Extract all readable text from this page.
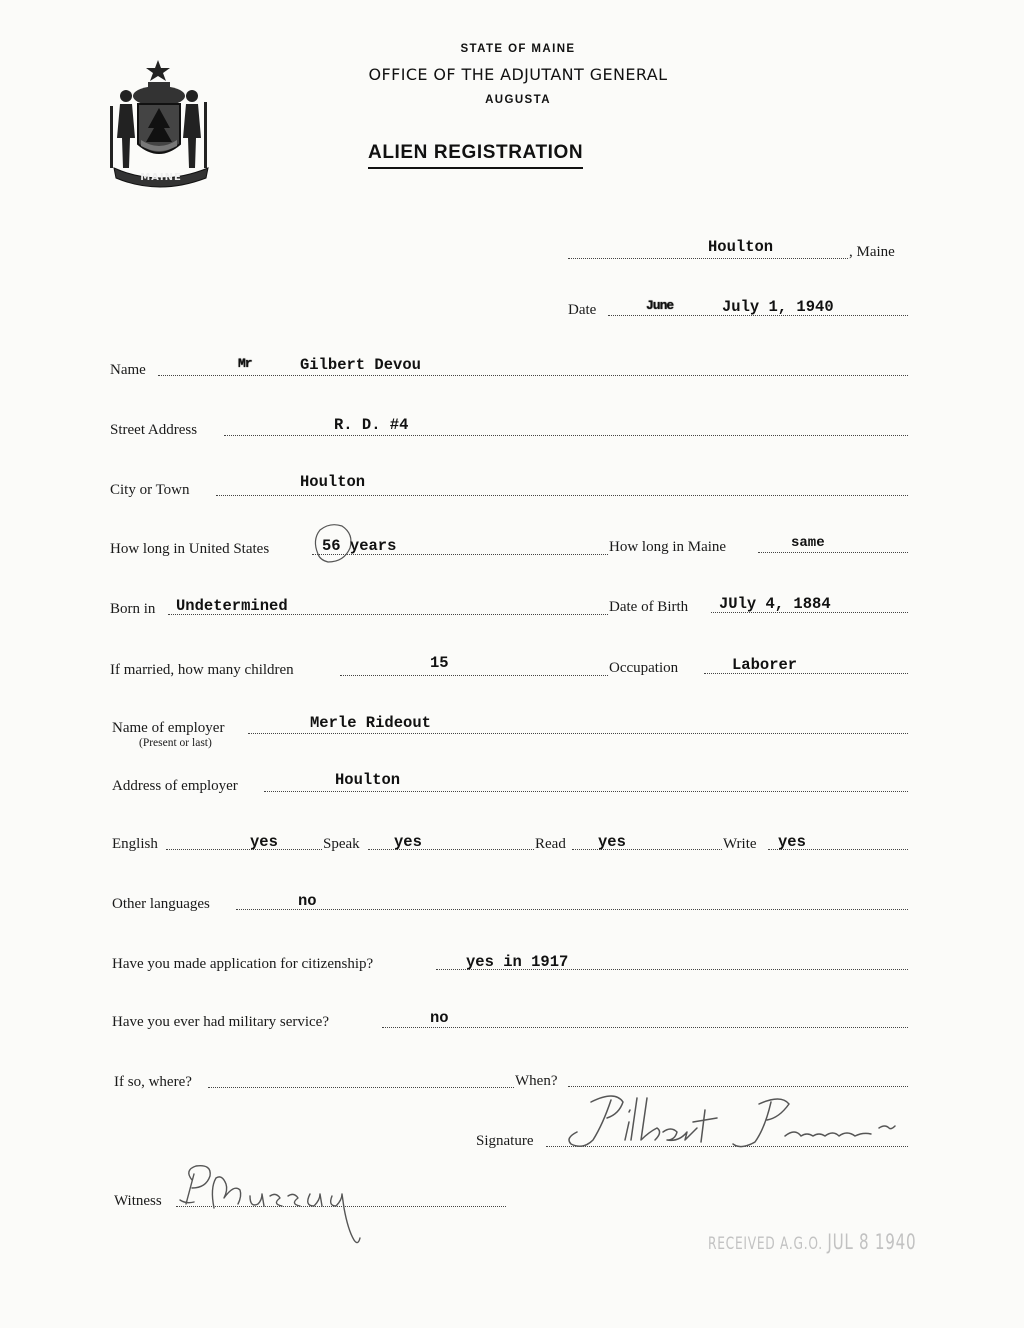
MAINE
STATE OF MAINE
OFFICE OF THE ADJUTANT GENERAL
AUGUSTA
ALIEN REGISTRATION
Houlton	, Maine
Date	June	July 1, 1940
Name	Mr	Gilbert Devou
Street Address	R. D. #4
City or Town	Houlton
How long in United States	56 years	How long in Maine	same
Born in Undetermined	Date of Birth JUly 4, 1884
If married, how many children	15	Occupation	Laborer
Name of employer
(Present or last)
Merle Rideout
Address of employer	Houlton
English	yes	Speak yes	Read yes	Write yes
Other languages	no
Have you made application for citizenship?	yes in 1917
Have you ever had military service?	no
If so, where?	When?
Signature
Witness
RECEIVED A.G.O. JUL 8 1940
